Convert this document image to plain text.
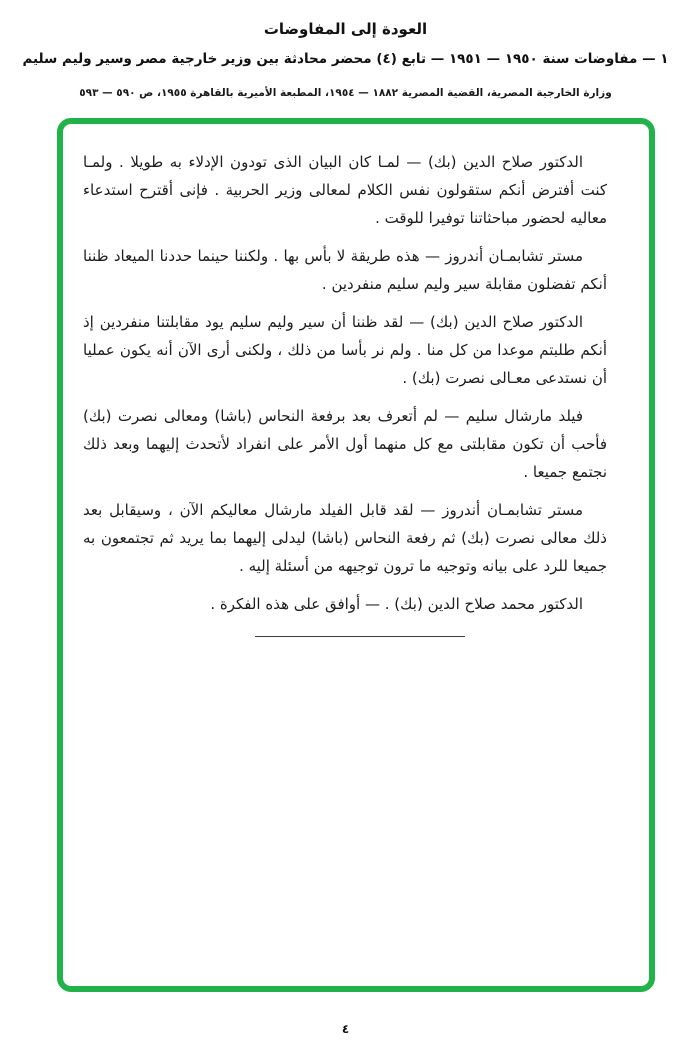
العودة إلى المفاوضات
١ — مفاوضات سنة ١٩٥٠ — ١٩٥١ — تابع (٤) محضر محادثة بين وزير خارجية مصر وسير وليم سليم
وزارة الخارجية المصرية، القضية المصرية ١٨٨٢ — ١٩٥٤، المطبعة الأميرية بالقاهرة ١٩٥٥، ص ٥٩٠ — ٥٩٣

الدكتور صلاح الدين (بك) — لمـا كان البيان الذى تودون الإدلاء به طويلا . ولمـا كنت أفترض أنكم ستقولون نفس الكلام لمعالى وزير الحربية . فإنى أقترح استدعاء معاليه لحضور مباحثاتنا توفيرا للوقت .

مستر تشابمـان أندروز — هذه طريقة لا بأس بها . ولكننا حينما حددنا الميعاد ظننا أنكم تفضلون مقابلة سير وليم سليم منفردين .

الدكتور صلاح الدين (بك) — لقد ظننا أن سير وليم سليم يود مقابلتنا منفردين إذ أنكم طلبتم موعدا من كل منا . ولم نر بأسا من ذلك ، ولكنى أرى الآن أنه يكون عمليا أن نستدعى معـالى نصرت (بك) .

فيلد مارشال سليم — لم أتعرف بعد برفعة النحاس (باشا) ومعالى نصرت (بك) فأحب أن تكون مقابلتى مع كل منهما أول الأمر على انفراد لأتحدث إليهما وبعد ذلك نجتمع جميعا .

مستر تشابمـان أندروز — لقد قابل الفيلد مارشال معاليكم الآن ، وسيقابل بعد ذلك معالى نصرت (بك) ثم رفعة النحاس (باشا) ليدلى إليهما بما يريد ثم تجتمعون به جميعا للرد على بيانه وتوجيه ما ترون توجيهه من أسئلة إليه .

الدكتور محمد صلاح الدين (بك) . — أوافق على هذه الفكرة .

٤
